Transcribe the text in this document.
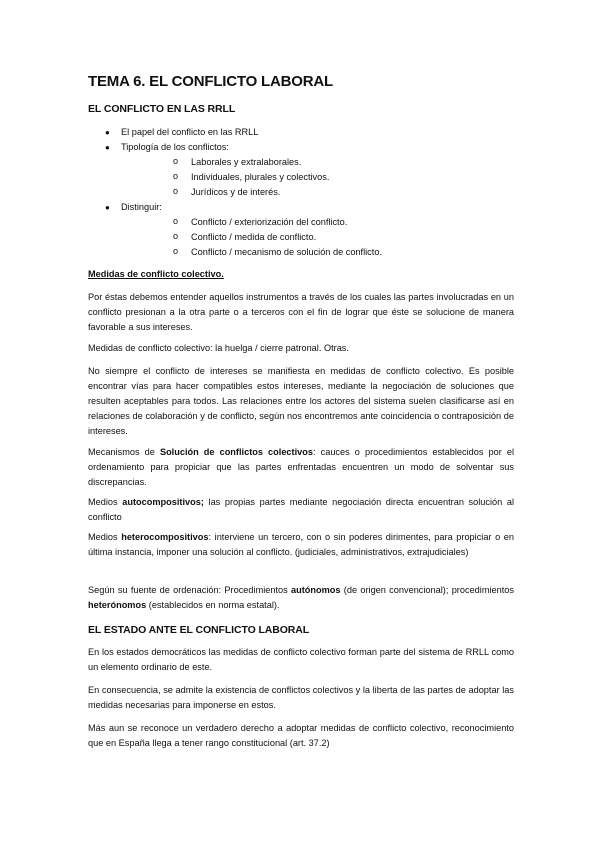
TEMA 6. EL CONFLICTO LABORAL
EL CONFLICTO EN LAS RRLL
● El papel del conflicto en las RRLL
● Tipología de los conflictos:
o Laborales y extralaborales.
o Individuales, plurales y colectivos.
o Jurídicos y de interés.
● Distinguir:
o Conflicto / exteriorización del conflicto.
o Conflicto / medida de conflicto.
o Conflicto / mecanismo de solución de conflicto.
Medidas de conflicto colectivo.
Por éstas debemos entender aquellos instrumentos a través de los cuales las partes involucradas en un conflicto presionan a la otra parte o a terceros con el fin de lograr que éste se solucione de manera favorable a sus intereses.
Medidas de conflicto colectivo: la huelga / cierre patronal. Otras.
No siempre el conflicto de intereses se manifiesta en medidas de conflicto colectivo. Es posible encontrar vías para hacer compatibles estos intereses, mediante la negociación de soluciones que resulten aceptables para todos. Las relaciones entre los actores del sistema suelen clasificarse así en relaciones de colaboración y de conflicto, según nos encontremos ante coincidencia o contraposición de intereses.
Mecanismos de Solución de conflictos colectivos: cauces o procedimientos establecidos por el ordenamiento para propiciar que las partes enfrentadas encuentren un modo de solventar sus discrepancias.
Medios autocompositivos; las propias partes mediante negociación directa encuentran solución al conflicto
Medios heterocompositivos: interviene un tercero, con o sin poderes dirimentes, para propiciar o en última instancia, imponer una solución al conflicto. (judiciales, administrativos, extrajudiciales)
Según su fuente de ordenación: Procedimientos autónomos (de origen convencional); procedimientos heterónomos (establecidos en norma estatal).
EL ESTADO ANTE EL CONFLICTO LABORAL
En los estados democráticos las medidas de conflicto colectivo forman parte del sistema de RRLL como un elemento ordinario de este.
En consecuencia, se admite la existencia de conflictos colectivos y la liberta de las partes de adoptar las medidas necesarias para imponerse en estos.
Más aun se reconoce un verdadero derecho a adoptar medidas de conflicto colectivo, reconocimiento que en España llega a tener rango constitucional (art. 37.2)
